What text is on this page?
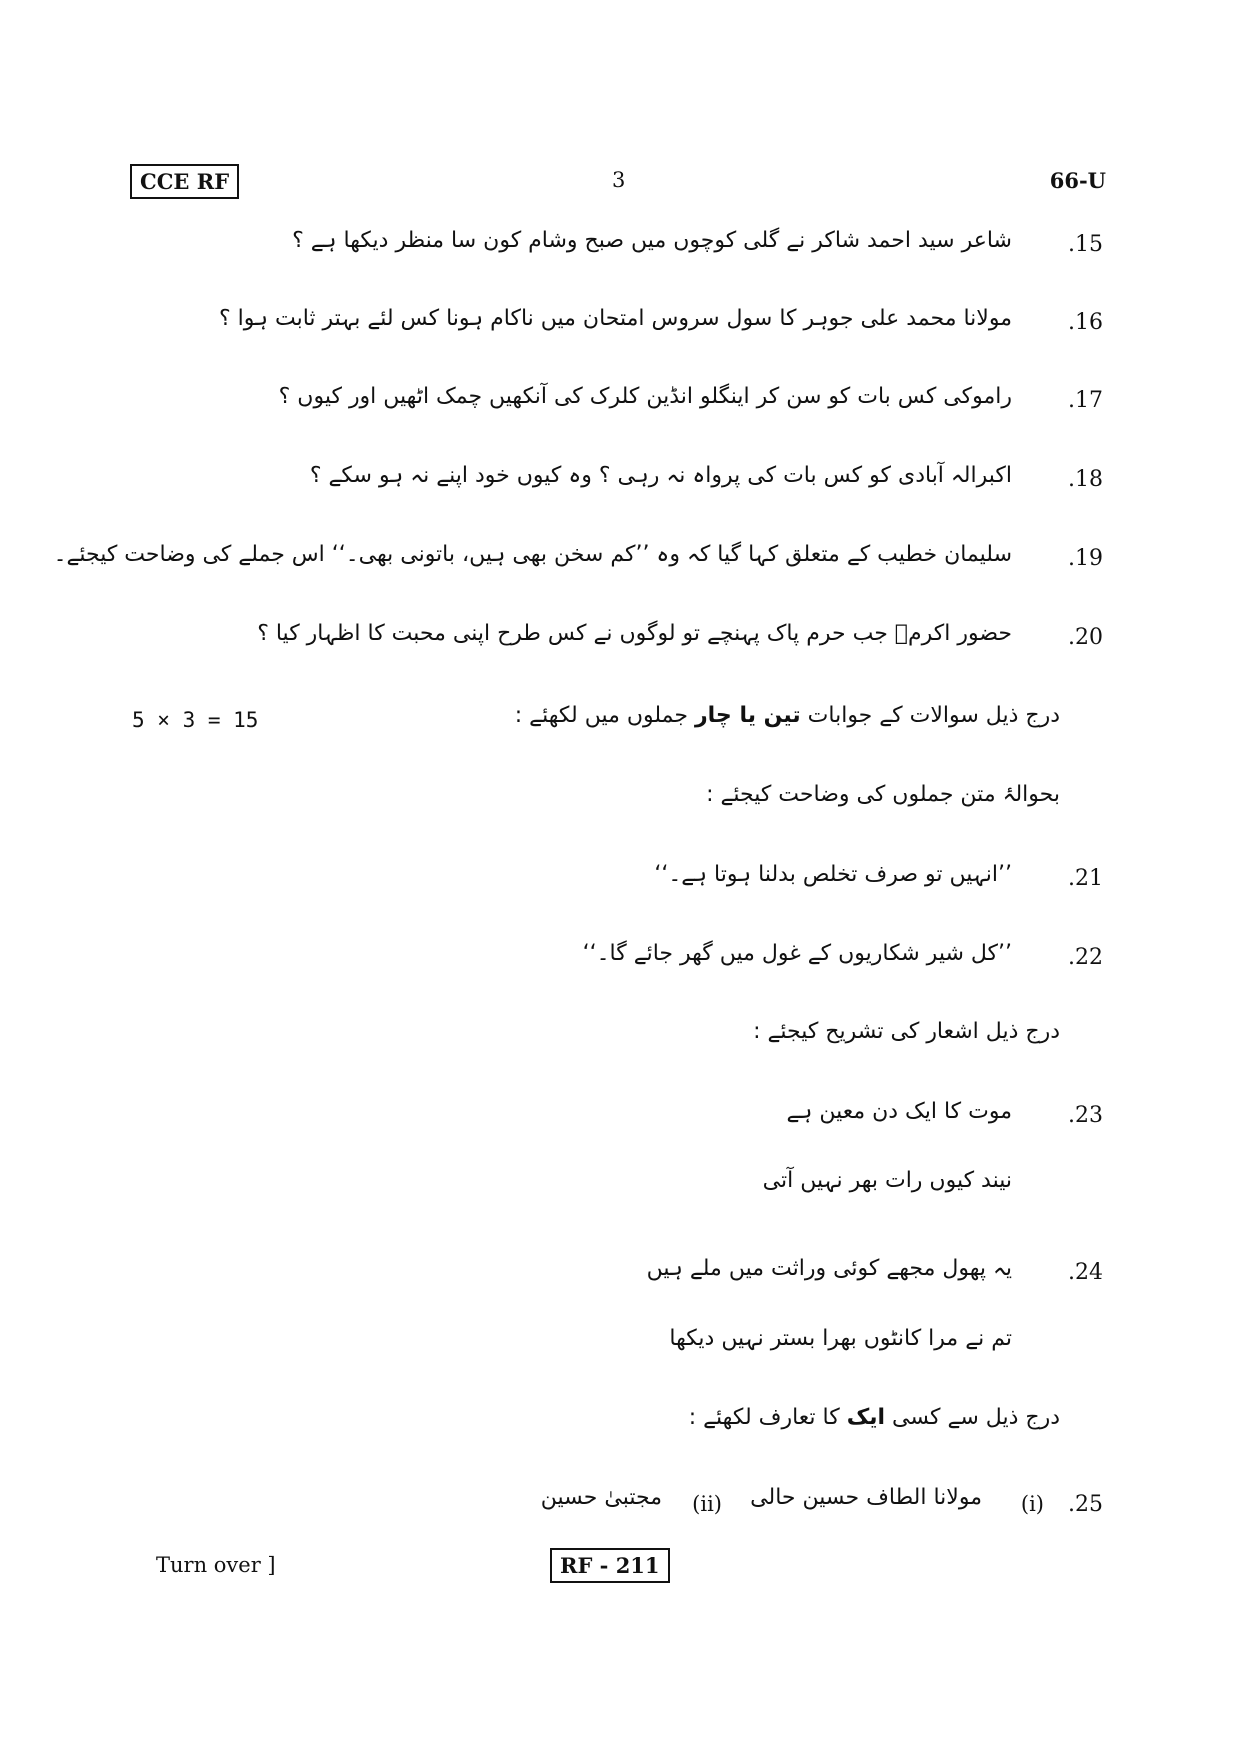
CCE RF	3	66-U
.15
شاعر سید احمد شاکر نے گلی کوچوں میں صبح وشام کون سا منظر دیکھا ہے ؟
.16
مولانا محمد علی جوہر کا سول سروس امتحان میں ناکام ہونا کس لئے بہتر ثابت ہوا ؟
.17
راموکی کس بات کو سن کر اینگلو انڈین کلرک کی آنکھیں چمک اٹھیں اور کیوں ؟
.18
اکبرالہ آبادی کو کس بات کی پرواہ نہ رہی ؟ وہ کیوں خود اپنے نہ ہو سکے ؟
.19
سلیمان خطیب کے متعلق کہا گیا کہ وہ ’’کم سخن بھی ہیں، باتونی بھی۔‘‘ اس جملے کی وضاحت کیجئے۔
.20
حضور اکرمؐ جب حرم پاک پہنچے تو لوگوں نے کس طرح اپنی محبت کا اظہار کیا ؟
5 × 3 = 15	درج ذیل سوالات کے جوابات تین یا چار جملوں میں لکھئے :
بحوالۂ متن جملوں کی وضاحت کیجئے :
.21
’’انہیں تو صرف تخلص بدلنا ہوتا ہے۔‘‘
.22
’’کل شیر شکاریوں کے غول میں گھر جائے گا۔‘‘
درج ذیل اشعار کی تشریح کیجئے :
.23
موت کا ایک دن معین ہے
نیند کیوں رات بھر نہیں آتی
.24
یہ پھول مجھے کوئی وراثت میں ملے ہیں
تم نے مرا کانٹوں بھرا بستر نہیں دیکھا
درج ذیل سے کسی ایک کا تعارف لکھئے :
.25
(i)
مولانا الطاف حسین حالی
(ii)
مجتبیٰ حسین
Turn over ]	RF - 211
